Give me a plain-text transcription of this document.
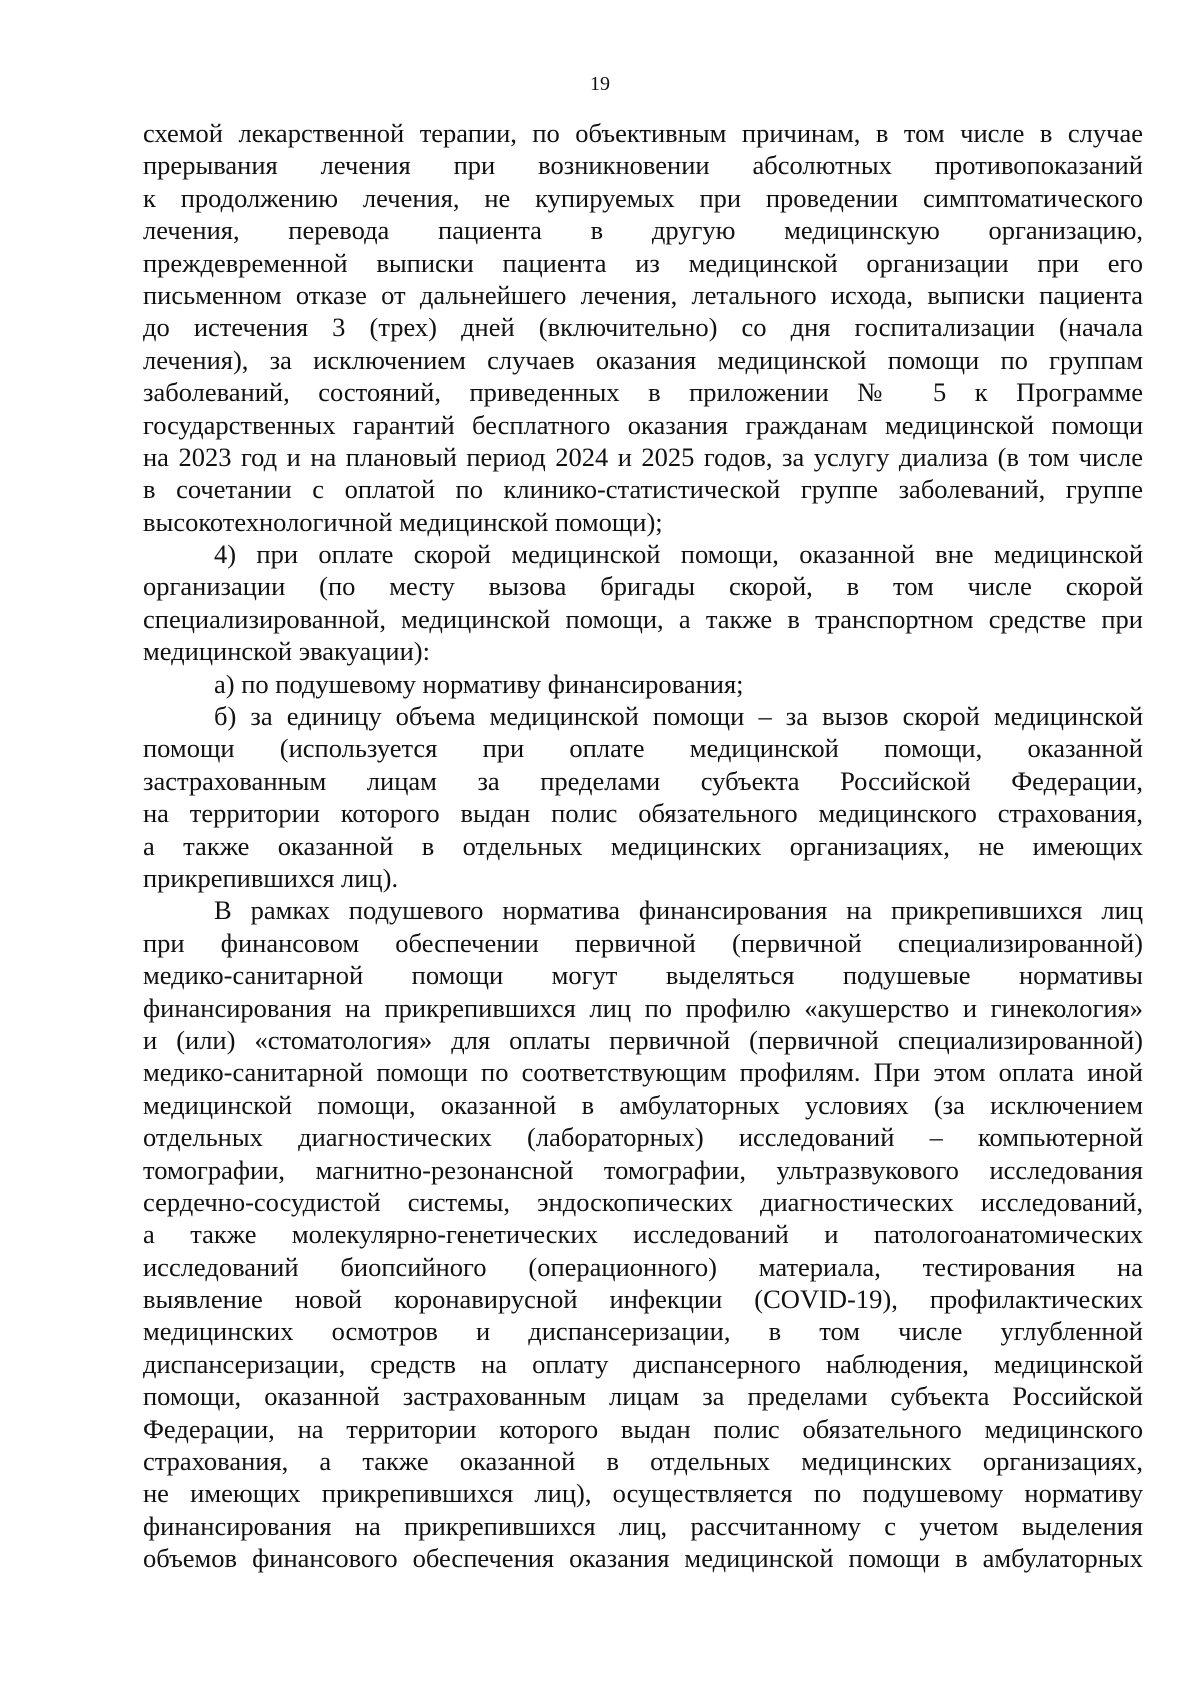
19
схемой лекарственной терапии, по объективным причинам, в том числе в случае
прерывания лечения при возникновении абсолютных противопоказаний
к продолжению лечения, не купируемых при проведении симптоматического
лечения, перевода пациента в другую медицинскую организацию,
преждевременной выписки пациента из медицинской организации при его
письменном отказе от дальнейшего лечения, летального исхода, выписки пациента
до истечения 3 (трех) дней (включительно) со дня госпитализации (начала
лечения), за исключением случаев оказания медицинской помощи по группам
заболеваний, состояний, приведенных в приложении № 5 к Программе
государственных гарантий бесплатного оказания гражданам медицинской помощи
на 2023 год и на плановый период 2024 и 2025 годов, за услугу диализа (в том числе
в сочетании с оплатой по клинико-статистической группе заболеваний, группе
высокотехнологичной медицинской помощи);
4) при оплате скорой медицинской помощи, оказанной вне медицинской
организации (по месту вызова бригады скорой, в том числе скорой
специализированной, медицинской помощи, а также в транспортном средстве при
медицинской эвакуации):
а) по подушевому нормативу финансирования;
б) за единицу объема медицинской помощи – за вызов скорой медицинской
помощи (используется при оплате медицинской помощи, оказанной
застрахованным лицам за пределами субъекта Российской Федерации,
на территории которого выдан полис обязательного медицинского страхования,
а также оказанной в отдельных медицинских организациях, не имеющих
прикрепившихся лиц).
В рамках подушевого норматива финансирования на прикрепившихся лиц
при финансовом обеспечении первичной (первичной специализированной)
медико-санитарной помощи могут выделяться подушевые нормативы
финансирования на прикрепившихся лиц по профилю «акушерство и гинекология»
и (или) «стоматология» для оплаты первичной (первичной специализированной)
медико-санитарной помощи по соответствующим профилям. При этом оплата иной
медицинской помощи, оказанной в амбулаторных условиях (за исключением
отдельных диагностических (лабораторных) исследований – компьютерной
томографии, магнитно-резонансной томографии, ультразвукового исследования
сердечно-сосудистой системы, эндоскопических диагностических исследований,
а также молекулярно-генетических исследований и патологоанатомических
исследований биопсийного (операционного) материала, тестирования на
выявление новой коронавирусной инфекции (COVID-19), профилактических
медицинских осмотров и диспансеризации, в том числе углубленной
диспансеризации, средств на оплату диспансерного наблюдения, медицинской
помощи, оказанной застрахованным лицам за пределами субъекта Российской
Федерации, на территории которого выдан полис обязательного медицинского
страхования, а также оказанной в отдельных медицинских организациях,
не имеющих прикрепившихся лиц), осуществляется по подушевому нормативу
финансирования на прикрепившихся лиц, рассчитанному с учетом выделения
объемов финансового обеспечения оказания медицинской помощи в амбулаторных
